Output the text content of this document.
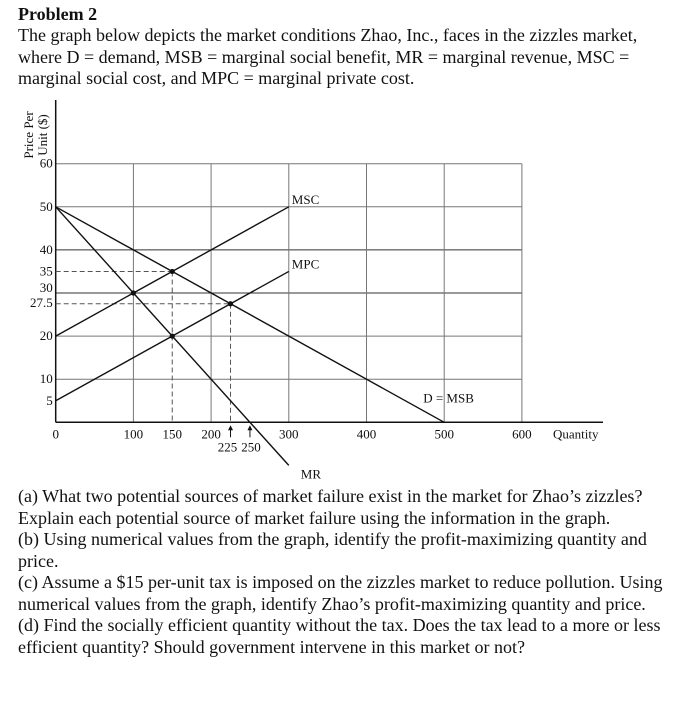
Problem 2
The graph below depicts the market conditions Zhao, Inc., faces in the zizzles market, where D = demand, MSB = marginal social benefit, MR = marginal revenue, MSC = marginal social cost, and MPC = marginal private cost.
D = MSB
MR
MSC
MPC
60
50
40
35
30
27.5
20
10
5
0	100 150 200	300	400	500	600
225 250
Quantity
Price Per Unit ($)

(a) What two potential sources of market failure exist in the market for Zhao’s zizzles? Explain each potential source of market failure using the information in the graph.

(b) Using numerical values from the graph, identify the profit-maximizing quantity and price.

(c) Assume a $15 per-unit tax is imposed on the zizzles market to reduce pollution. Using numerical values from the graph, identify Zhao’s profit-maximizing quantity and price.

(d) Find the socially efficient quantity without the tax. Does the tax lead to a more or less efficient quantity? Should government intervene in this market or not?
